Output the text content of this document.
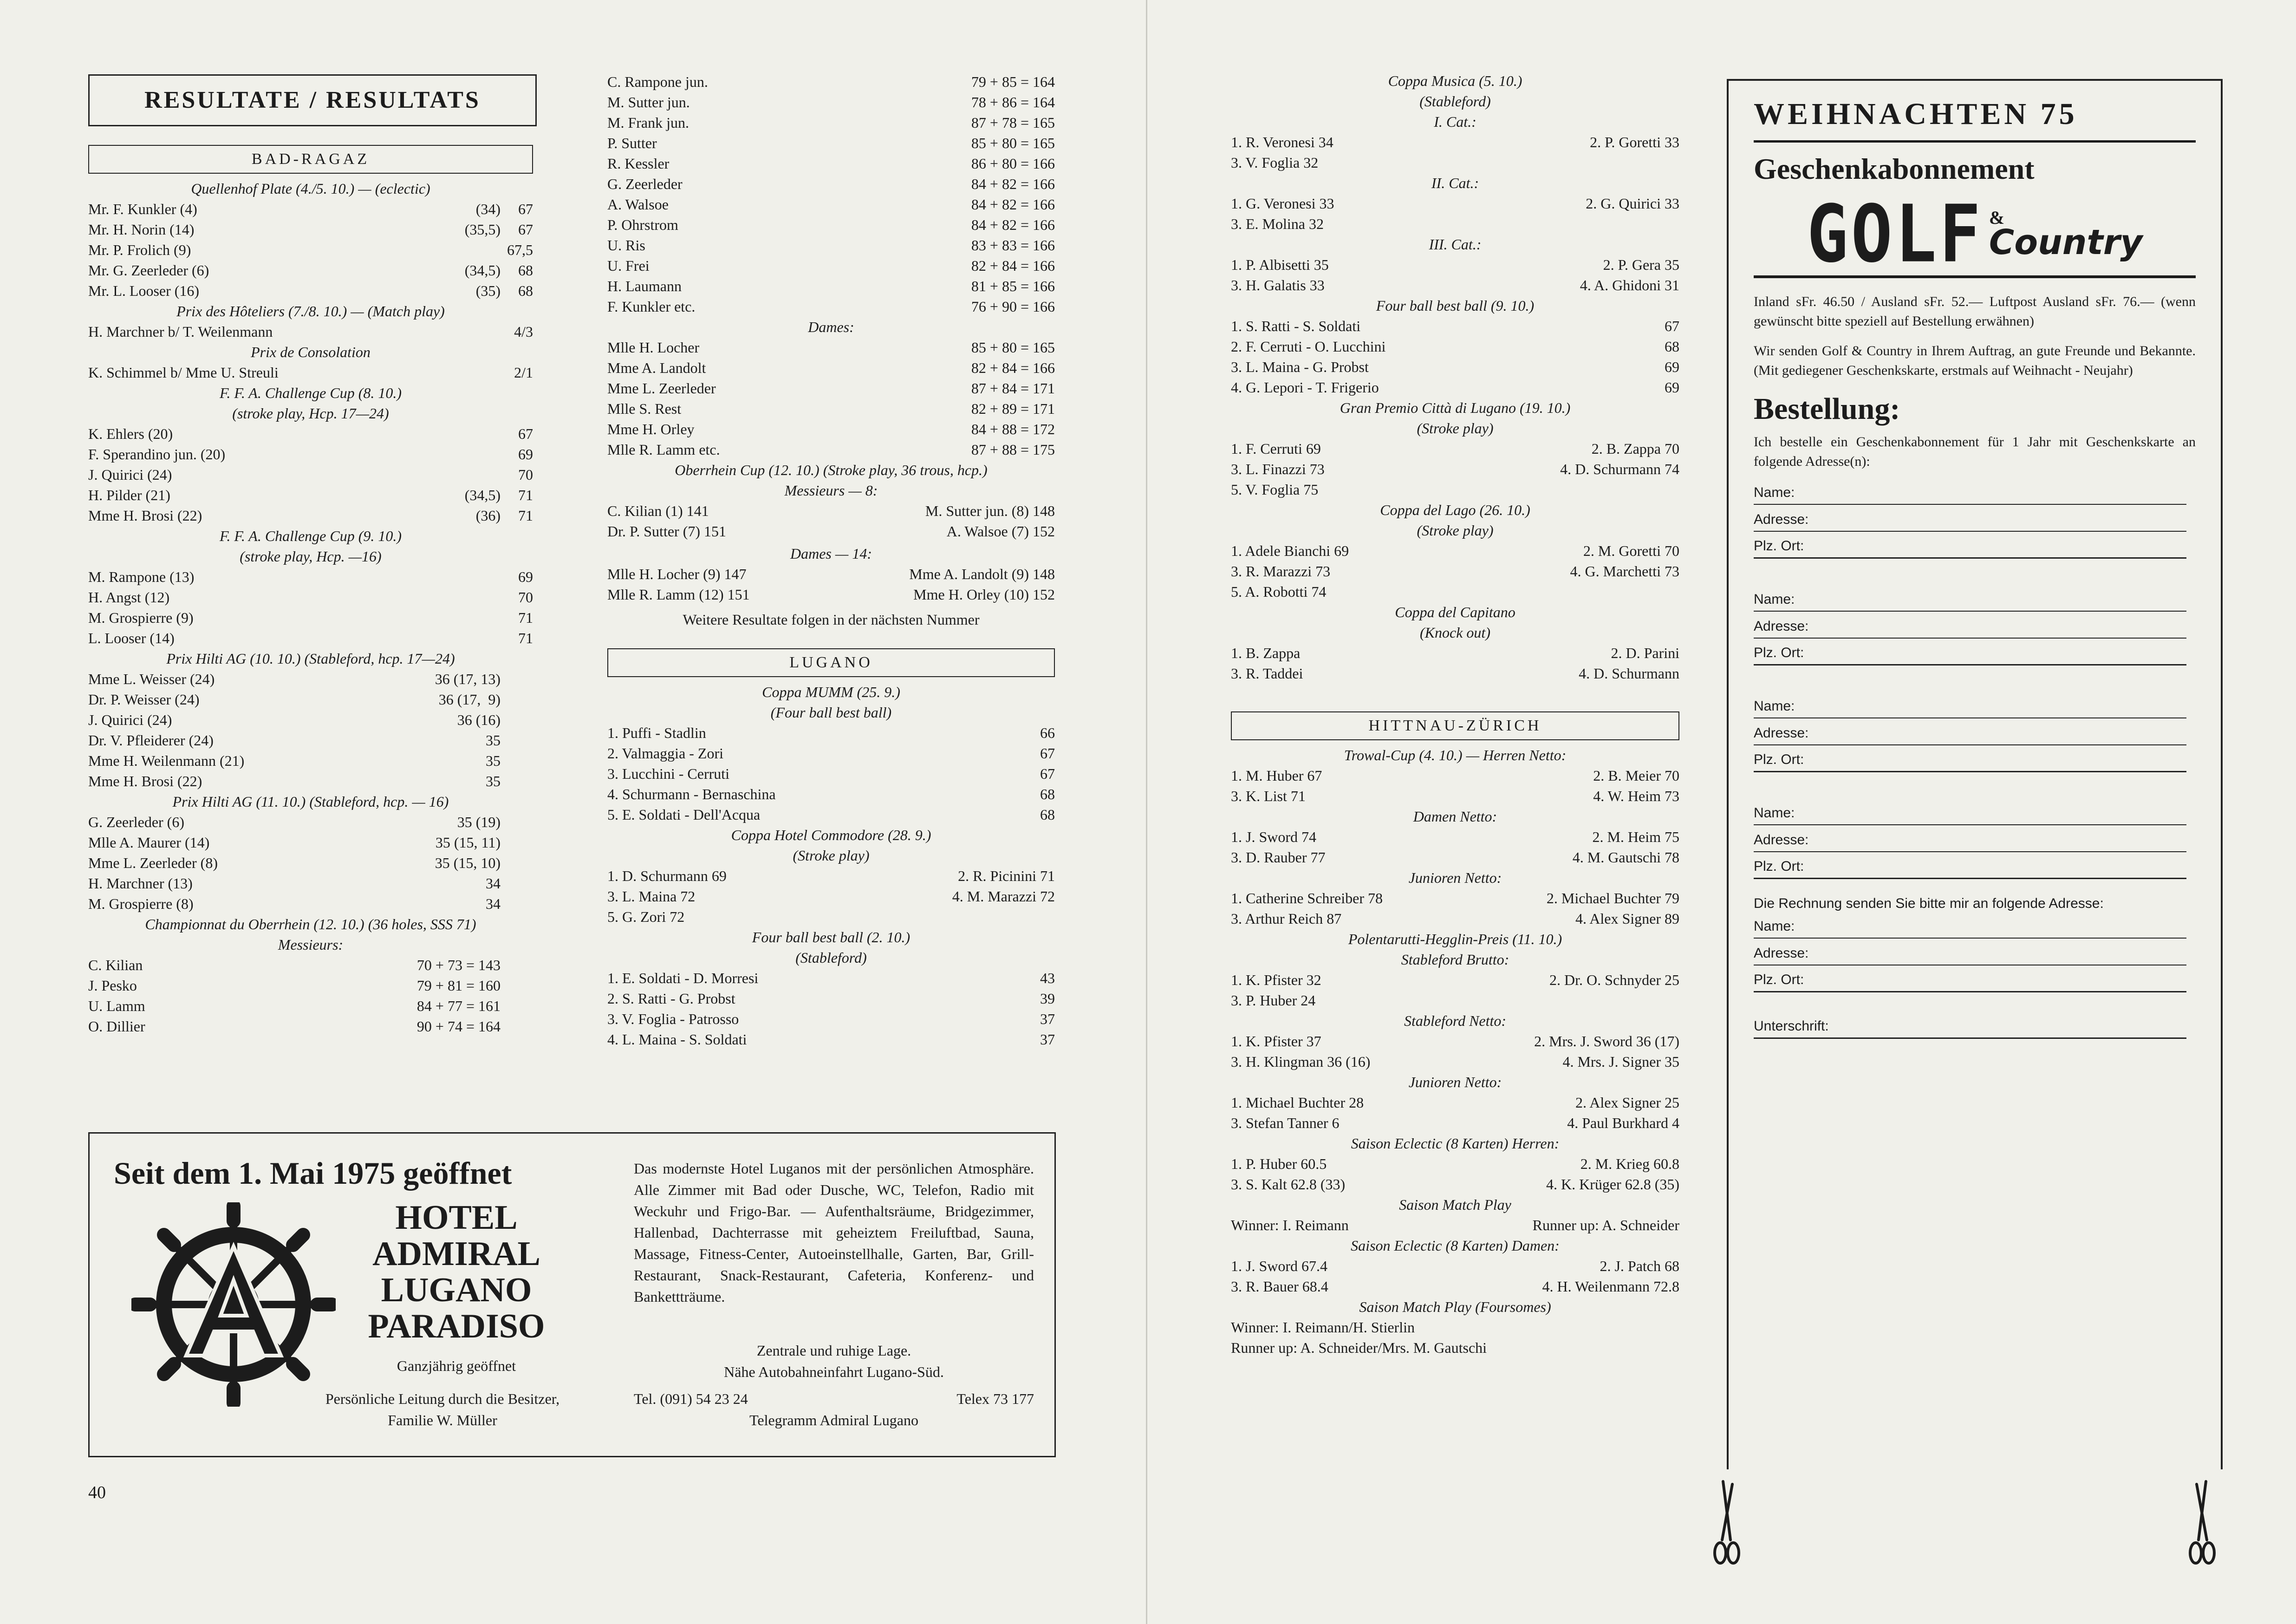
RESULTATE / RESULTATS
BAD-RAGAZ
Quellenhof Plate (4./5. 10.) — (eclectic)
Mr. F. Kunkler (4)	(34)	67
Mr. H. Norin (14)	(35,5)	67
Mr. P. Frolich (9)	67,5
Mr. G. Zeerleder (6)	(34,5)	68
Mr. L. Looser (16)	(35)	68
Prix des Hôteliers (7./8. 10.) — (Match play)
H. Marchner b/ T. Weilenmann	4/3
Prix de Consolation
K. Schimmel b/ Mme U. Streuli	2/1
F. F. A. Challenge Cup (8. 10.)
(stroke play, Hcp. 17—24)
K. Ehlers (20)	67
F. Sperandino jun. (20)	69
J. Quirici (24)	70
H. Pilder (21)	(34,5)	71
Mme H. Brosi (22)	(36)	71
F. F. A. Challenge Cup (9. 10.)
(stroke play, Hcp. —16)
M. Rampone (13)	69
H. Angst (12)	70
M. Grospierre (9)	71
L. Looser (14)	71
Prix Hilti AG (10. 10.) (Stableford, hcp. 17—24)
Mme L. Weisser (24)	36 (17, 13)
Dr. P. Weisser (24)	36 (17,  9)
J. Quirici (24)	36 (16)
Dr. V. Pfleiderer (24)	35
Mme H. Weilenmann (21)	35
Mme H. Brosi (22)	35
Prix Hilti AG (11. 10.) (Stableford, hcp. — 16)
G. Zeerleder (6)	35 (19)
Mlle A. Maurer (14)	35 (15, 11)
Mme L. Zeerleder (8)	35 (15, 10)
H. Marchner (13)	34
M. Grospierre (8)	34
Championnat du Oberrhein (12. 10.) (36 holes, SSS 71)
Messieurs:
C. Kilian	70 + 73 = 143
J. Pesko	79 + 81 = 160
U. Lamm	84 + 77 = 161
O. Dillier	90 + 74 = 164
C. Rampone jun.	79 + 85 = 164
M. Sutter jun.	78 + 86 = 164
M. Frank jun.	87 + 78 = 165
P. Sutter	85 + 80 = 165
R. Kessler	86 + 80 = 166
G. Zeerleder	84 + 82 = 166
A. Walsoe	84 + 82 = 166
P. Ohrstrom	84 + 82 = 166
U. Ris	83 + 83 = 166
U. Frei	82 + 84 = 166
H. Laumann	81 + 85 = 166
F. Kunkler etc.	76 + 90 = 166
Dames:
Mlle H. Locher	85 + 80 = 165
Mme A. Landolt	82 + 84 = 166
Mme L. Zeerleder	87 + 84 = 171
Mlle S. Rest	82 + 89 = 171
Mme H. Orley	84 + 88 = 172
Mlle R. Lamm etc.	87 + 88 = 175
Oberrhein Cup (12. 10.) (Stroke play, 36 trous, hcp.)
Messieurs — 8:
C. Kilian (1) 141	M. Sutter jun. (8) 148
Dr. P. Sutter (7) 151	A. Walsoe (7) 152
Dames — 14:
Mlle H. Locher (9) 147	Mme A. Landolt (9) 148
Mlle R. Lamm (12) 151	Mme H. Orley (10) 152
Weitere Resultate folgen in der nächsten Nummer
LUGANO
Coppa MUMM (25. 9.)
(Four ball best ball)
1. Puffi - Stadlin	66
2. Valmaggia - Zori	67
3. Lucchini - Cerruti	67
4. Schurmann - Bernaschina	68
5. E. Soldati - Dell'Acqua	68
Coppa Hotel Commodore (28. 9.)
(Stroke play)
1. D. Schurmann 69	2. R. Picinini 71
3. L. Maina 72	4. M. Marazzi 72
5. G. Zori 72
Four ball best ball (2. 10.)
(Stableford)
1. E. Soldati - D. Morresi	43
2. S. Ratti - G. Probst	39
3. V. Foglia - Patrosso	37
4. L. Maina - S. Soldati	37
Seit dem 1. Mai 1975 geöffnet
HOTEL
ADMIRAL
LUGANO
PARADISO
Ganzjährig geöffnet
Persönliche Leitung durch die Besitzer,
Familie W. Müller
Das modernste Hotel Luganos mit der persönlichen Atmosphäre. Alle Zimmer mit Bad oder Dusche, WC, Telefon, Radio mit Weckuhr und Frigo-Bar. — Aufenthaltsräume, Bridgezimmer, Hallenbad, Dachterrasse mit geheiztem Freiluftbad, Sauna, Massage, Fitness-Center, Autoeinstellhalle, Garten, Bar, Grill-Restaurant, Snack-Restaurant, Cafeteria, Konferenz- und Bankettträume.
Zentrale und ruhige Lage.
Nähe Autobahneinfahrt Lugano-Süd.
Tel. (091) 54 23 24	Telex 73 177
Telegramm Admiral Lugano
40
Coppa Musica (5. 10.)
(Stableford)
I. Cat.:
1. R. Veronesi 34	2. P. Goretti 33
3. V. Foglia 32
II. Cat.:
1. G. Veronesi 33	2. G. Quirici 33
3. E. Molina 32
III. Cat.:
1. P. Albisetti 35	2. P. Gera 35
3. H. Galatis 33	4. A. Ghidoni 31
Four ball best ball (9. 10.)
1. S. Ratti - S. Soldati	67
2. F. Cerruti - O. Lucchini	68
3. L. Maina - G. Probst	69
4. G. Lepori - T. Frigerio	69
Gran Premio Città di Lugano (19. 10.)
(Stroke play)
1. F. Cerruti 69	2. B. Zappa 70
3. L. Finazzi 73	4. D. Schurmann 74
5. V. Foglia 75
Coppa del Lago (26. 10.)
(Stroke play)
1. Adele Bianchi 69	2. M. Goretti 70
3. R. Marazzi 73	4. G. Marchetti 73
5. A. Robotti 74
Coppa del Capitano
(Knock out)
1. B. Zappa	2. D. Parini
3. R. Taddei	4. D. Schurmann
HITTNAU-ZÜRICH
Trowal-Cup (4. 10.) — Herren Netto:
1. M. Huber 67	2. B. Meier 70
3. K. List 71	4. W. Heim 73
Damen Netto:
1. J. Sword 74	2. M. Heim 75
3. D. Rauber 77	4. M. Gautschi 78
Junioren Netto:
1. Catherine Schreiber 78	2. Michael Buchter 79
3. Arthur Reich 87	4. Alex Signer 89
Polentarutti-Hegglin-Preis (11. 10.)
Stableford Brutto:
1. K. Pfister 32	2. Dr. O. Schnyder 25
3. P. Huber 24
Stableford Netto:
1. K. Pfister 37	2. Mrs. J. Sword 36 (17)
3. H. Klingman 36 (16)	4. Mrs. J. Signer 35
Junioren Netto:
1. Michael Buchter 28	2. Alex Signer 25
3. Stefan Tanner 6	4. Paul Burkhard 4
Saison Eclectic (8 Karten) Herren:
1. P. Huber 60.5	2. M. Krieg 60.8
3. S. Kalt 62.8 (33)	4. K. Krüger 62.8 (35)
Saison Match Play
Winner: I. Reimann	Runner up: A. Schneider
Saison Eclectic (8 Karten) Damen:
1. J. Sword 67.4	2. J. Patch 68
3. R. Bauer 68.4	4. H. Weilenmann 72.8
Saison Match Play (Foursomes)
Winner: I. Reimann/H. Stierlin
Runner up: A. Schneider/Mrs. M. Gautschi
WEIHNACHTEN 75
Geschenkabonnement
GOLF &
Country
Inland sFr. 46.50 / Ausland sFr. 52.— Luftpost Ausland sFr. 76.— (wenn gewünscht bitte speziell auf Bestellung erwähnen)
Wir senden Golf & Country in Ihrem Auftrag, an gute Freunde und Bekannte. (Mit gediegener Geschenkskarte, erstmals auf Weihnacht - Neujahr)
Bestellung:
Ich bestelle ein Geschenkabonnement für 1 Jahr mit Geschenkskarte an folgende Adresse(n):
Name:
Adresse:
Plz. Ort:
Name:
Adresse:
Plz. Ort:
Name:
Adresse:
Plz. Ort:
Name:
Adresse:
Plz. Ort:
Die Rechnung senden Sie bitte mir an folgende Adresse:
Name:
Adresse:
Plz. Ort:
Unterschrift:
